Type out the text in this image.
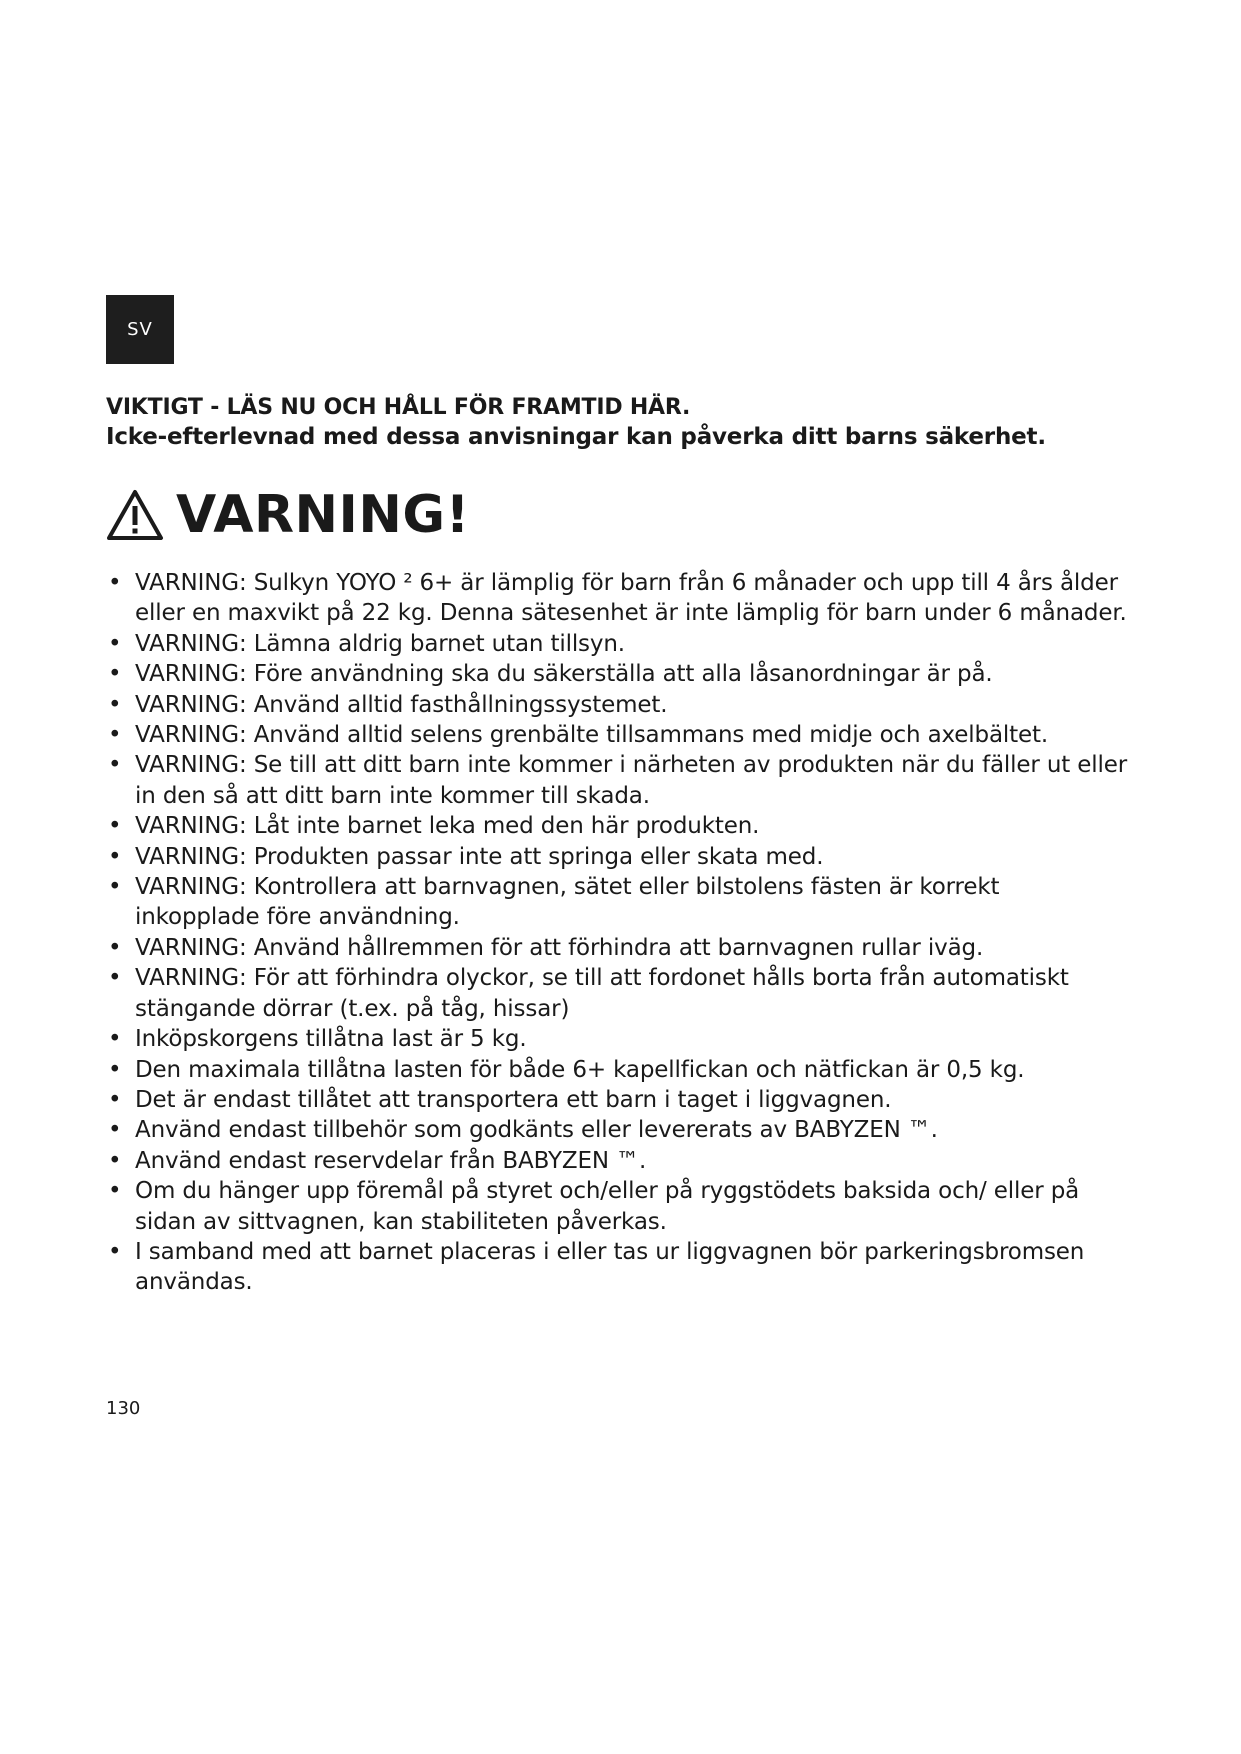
SV
VIKTIGT - LÄS NU OCH HÅLL FÖR FRAMTID HÄR.
Icke-efterlevnad med dessa anvisningar kan påverka ditt barns säkerhet.
VARNING!
• VARNING: Sulkyn YOYO ² 6+ är lämplig för barn från 6 månader och upp till 4 års ålder eller en maxvikt på 22 kg. Denna sätesenhet är inte lämplig för barn under 6 månader.
• VARNING: Lämna aldrig barnet utan tillsyn.
• VARNING: Före användning ska du säkerställa att alla låsanordningar är på.
• VARNING: Använd alltid fasthållningssystemet.
• VARNING: Använd alltid selens grenbälte tillsammans med midje och axelbältet.
• VARNING: Se till att ditt barn inte kommer i närheten av produkten när du fäller ut eller in den så att ditt barn inte kommer till skada.
• VARNING: Låt inte barnet leka med den här produkten.
• VARNING: Produkten passar inte att springa eller skata med.
• VARNING: Kontrollera att barnvagnen, sätet eller bilstolens fästen är korrekt inkopplade före användning.
• VARNING: Använd hållremmen för att förhindra att barnvagnen rullar iväg.
• VARNING: För att förhindra olyckor, se till att fordonet hålls borta från automatiskt stängande dörrar (t.ex. på tåg, hissar)
• Inköpskorgens tillåtna last är 5 kg.
• Den maximala tillåtna lasten för både 6+ kapellfickan och nätfickan är 0,5 kg.
• Det är endast tillåtet att transportera ett barn i taget i liggvagnen.
• Använd endast tillbehör som godkänts eller levererats av BABYZEN ™.
• Använd endast reservdelar från BABYZEN ™.
• Om du hänger upp föremål på styret och/eller på ryggstödets baksida och/ eller på sidan av sittvagnen, kan stabiliteten påverkas.
• I samband med att barnet placeras i eller tas ur liggvagnen bör parkeringsbromsen användas.
130
